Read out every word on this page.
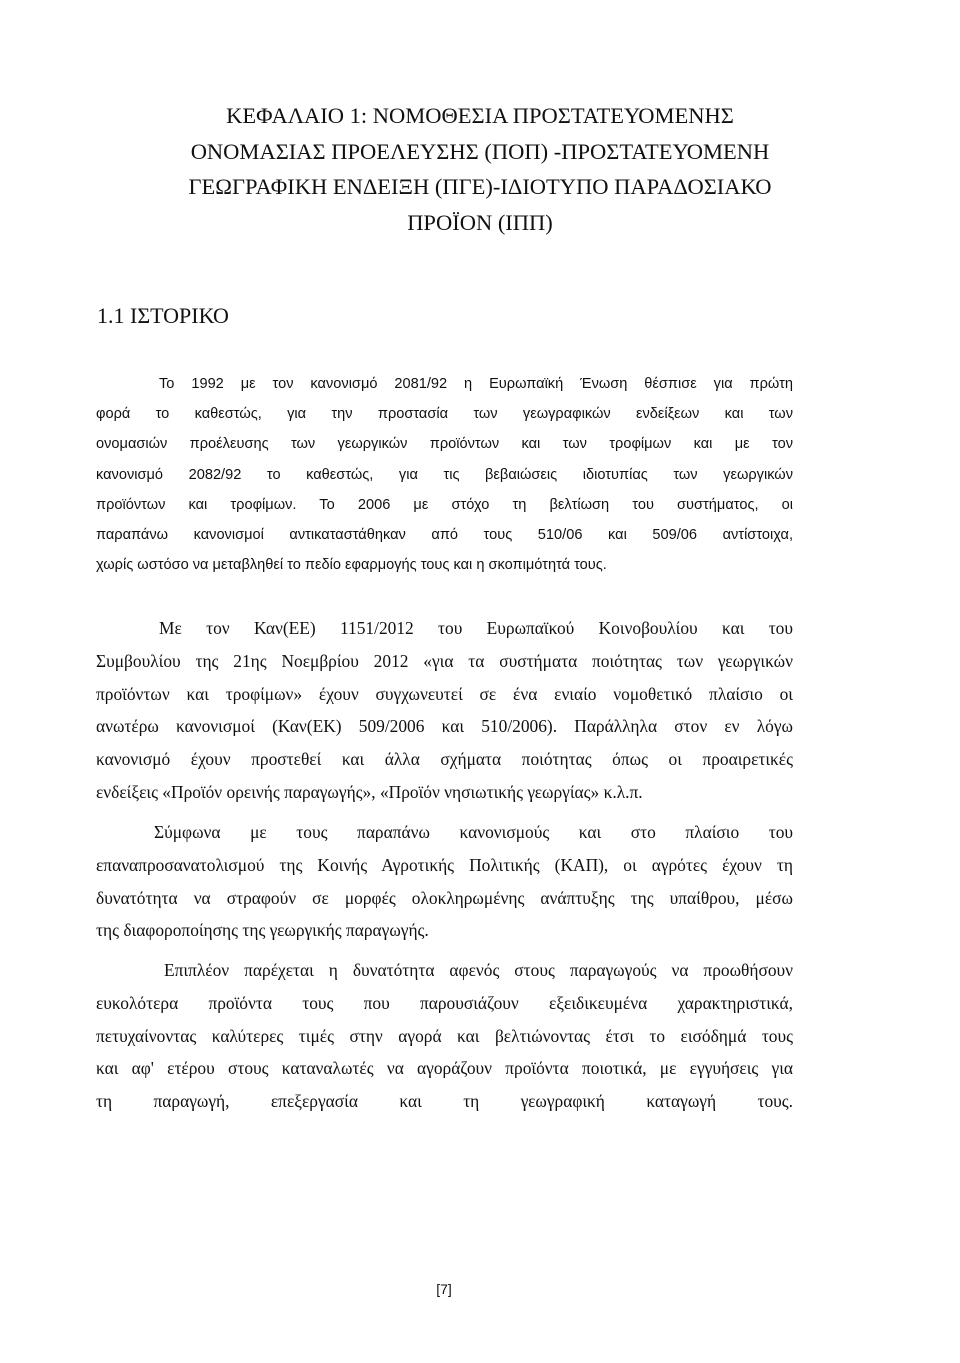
ΚΕΦΑΛΑΙΟ 1: ΝΟΜΟΘΕΣΙΑ ΠΡΟΣΤΑΤΕΥΟΜΕΝΗΣ
ΟΝΟΜΑΣΙΑΣ ΠΡΟΕΛΕΥΣΗΣ (ΠΟΠ) -ΠΡΟΣΤΑΤΕΥΟΜΕΝΗ
ΓΕΩΓΡΑΦΙΚΗ ΕΝΔΕΙΞΗ (ΠΓΕ)-ΙΔΙΟΤΥΠΟ ΠΑΡΑΔΟΣΙΑΚΟ
ΠΡΟΪΟΝ (ΙΠΠ)
1.1 ΙΣΤΟΡΙΚΟ

Το 1992 με τον κανονισμό 2081/92 η Ευρωπαϊκή Ένωση θέσπισε για πρώτη
φορά το καθεστώς, για την προστασία των γεωγραφικών ενδείξεων και των
ονομασιών προέλευσης των γεωργικών προϊόντων και των τροφίμων και με τον
κανονισμό 2082/92 το καθεστώς, για τις βεβαιώσεις ιδιοτυπίας των γεωργικών
προϊόντων και τροφίμων. Το 2006 με στόχο τη βελτίωση του συστήματος, οι
παραπάνω κανονισμοί αντικαταστάθηκαν από τους 510/06 και 509/06 αντίστοιχα,
χωρίς ωστόσο να μεταβληθεί το πεδίο εφαρμογής τους και η σκοπιμότητά τους.

Με τον Καν(ΕΕ) 1151/2012 του Ευρωπαϊκού Κοινοβουλίου και του
Συμβουλίου της 21ης Νοεμβρίου 2012 «για τα συστήματα ποιότητας των γεωργικών
προϊόντων και τροφίμων» έχουν συγχωνευτεί σε ένα ενιαίο νομοθετικό πλαίσιο οι
ανωτέρω κανονισμοί (Καν(ΕΚ) 509/2006 και 510/2006). Παράλληλα στον εν λόγω
κανονισμό έχουν προστεθεί και άλλα σχήματα ποιότητας όπως οι προαιρετικές
ενδείξεις «Προϊόν ορεινής παραγωγής», «Προϊόν νησιωτικής γεωργίας» κ.λ.π.

Σύμφωνα με τους παραπάνω κανονισμούς και στο πλαίσιο του
επαναπροσανατολισμού της Κοινής Αγροτικής Πολιτικής (ΚΑΠ), οι αγρότες έχουν τη
δυνατότητα να στραφούν σε μορφές ολοκληρωμένης ανάπτυξης της υπαίθρου, μέσω
της διαφοροποίησης της γεωργικής παραγωγής.

Επιπλέον παρέχεται η δυνατότητα αφενός στους παραγωγούς να προωθήσουν
ευκολότερα προϊόντα τους που παρουσιάζουν εξειδικευμένα χαρακτηριστικά,
πετυχαίνοντας καλύτερες τιμές στην αγορά και βελτιώνοντας έτσι το εισόδημά τους
και αφ' ετέρου στους καταναλωτές να αγοράζουν προϊόντα ποιοτικά, με εγγυήσεις για
τη παραγωγή, επεξεργασία και τη γεωγραφική καταγωγή τους.

[7]
